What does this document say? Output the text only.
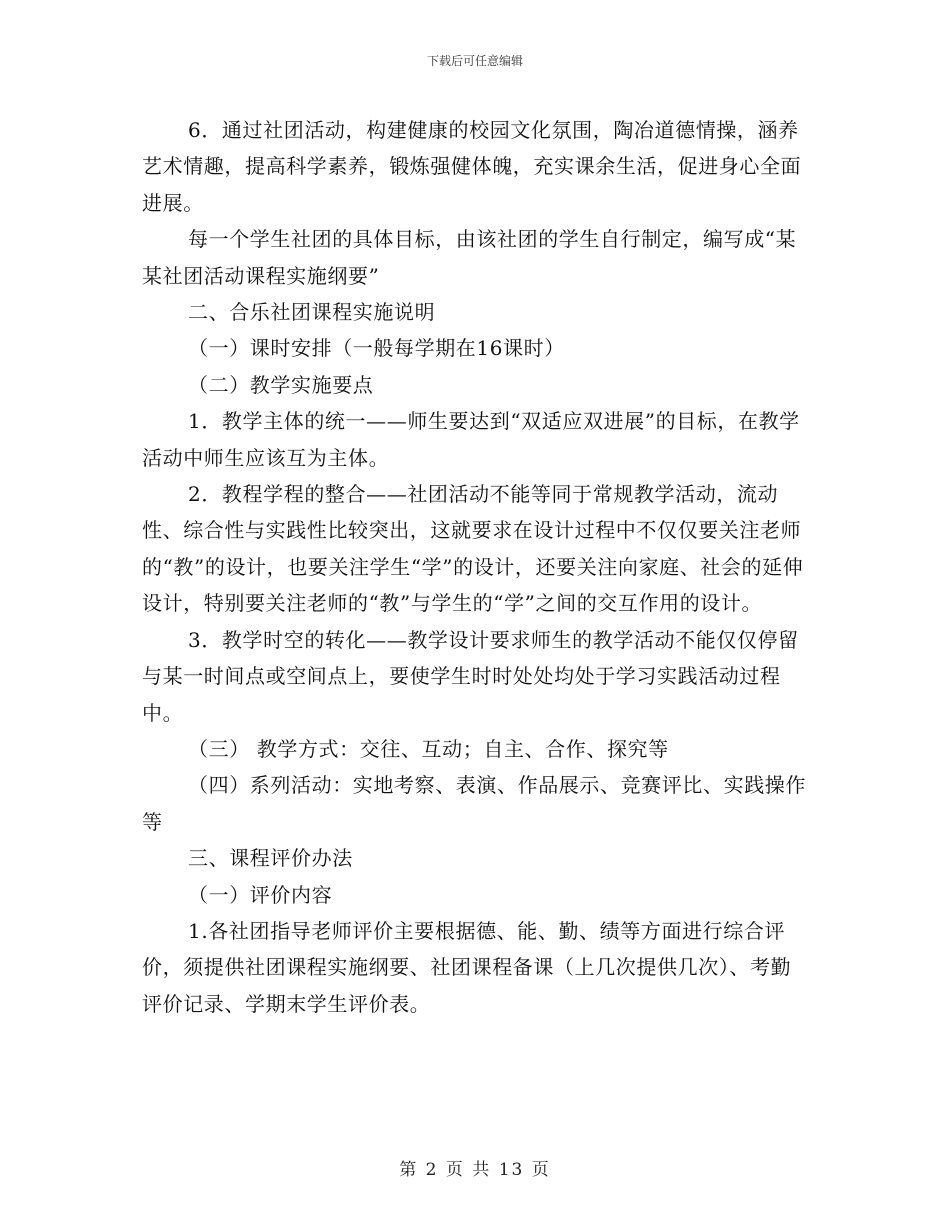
下载后可任意编辑

6．通过社团活动，构建健康的校园文化氛围，陶冶道德情操，涵养艺术情趣，提高科学素养，锻炼强健体魄，充实课余生活，促进身心全面进展。

每一个学生社团的具体目标，由该社团的学生自行制定，编写成“某某社团活动课程实施纲要”

二、合乐社团课程实施说明

（一）课时安排（一般每学期在16课时）

（二）教学实施要点

1．教学主体的统一——师生要达到“双适应双进展”的目标，在教学活动中师生应该互为主体。

2．教程学程的整合——社团活动不能等同于常规教学活动，流动性、综合性与实践性比较突出，这就要求在设计过程中不仅仅要关注老师的“教”的设计，也要关注学生“学”的设计，还要关注向家庭、社会的延伸设计，特别要关注老师的“教”与学生的“学”之间的交互作用的设计。

3．教学时空的转化——教学设计要求师生的教学活动不能仅仅停留与某一时间点或空间点上，要使学生时时处处均处于学习实践活动过程中。

（三） 教学方式：交往、互动；自主、合作、探究等

（四）系列活动：实地考察、表演、作品展示、竞赛评比、实践操作等

三、课程评价办法

（一）评价内容

1.各社团指导老师评价主要根据德、能、勤、绩等方面进行综合评价，须提供社团课程实施纲要、社团课程备课（上几次提供几次）、考勤评价记录、学期末学生评价表。

第 2 页 共 13 页
